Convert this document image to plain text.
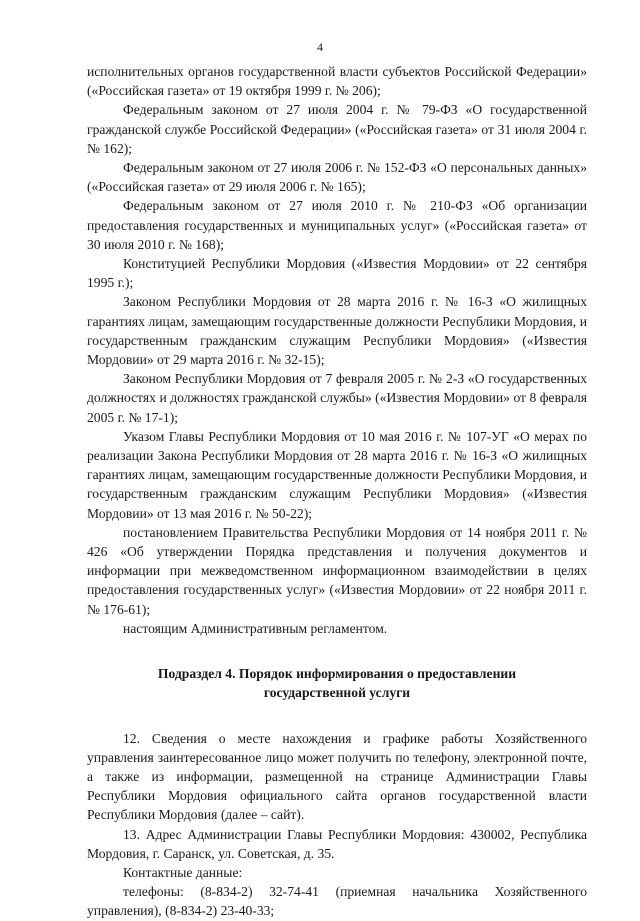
4

исполнительных органов государственной власти субъектов Российской Федерации» («Российская газета» от 19 октября 1999 г. № 206);

Федеральным законом от 27 июля 2004 г. № 79-ФЗ «О государственной гражданской службе Российской Федерации» («Российская газета» от 31 июля 2004 г. № 162);

Федеральным законом от 27 июля 2006 г. № 152-ФЗ «О персональных данных» («Российская газета» от 29 июля 2006 г. № 165);

Федеральным законом от 27 июля 2010 г. № 210-ФЗ «Об организации предоставления государственных и муниципальных услуг» («Российская газета» от 30 июля 2010 г. № 168);

Конституцией Республики Мордовия («Известия Мордовии» от 22 сентября 1995 г.);

Законом Республики Мордовия от 28 марта 2016 г. № 16-З «О жилищных гарантиях лицам, замещающим государственные должности Республики Мордовия, и государственным гражданским служащим Республики Мордовия» («Известия Мордовии» от 29 марта 2016 г. № 32-15);

Законом Республики Мордовия от 7 февраля 2005 г. № 2-З «О государственных должностях и должностях гражданской службы» («Известия Мордовии» от 8 февраля 2005 г. № 17-1);

Указом Главы Республики Мордовия от 10 мая 2016 г. № 107-УГ «О мерах по реализации Закона Республики Мордовия от 28 марта 2016 г. № 16-З «О жилищных гарантиях лицам, замещающим государственные должности Республики Мордовия, и государственным гражданским служащим Республики Мордовия» («Известия Мордовии» от 13 мая 2016 г. № 50-22);

постановлением Правительства Республики Мордовия от 14 ноября 2011 г. № 426 «Об утверждении Порядка представления и получения документов и информации при межведомственном информационном взаимодействии в целях предоставления государственных услуг» («Известия Мордовии» от 22 ноября 2011 г. № 176-61);

настоящим Административным регламентом.

Подраздел 4. Порядок информирования о предоставлении
государственной услуги

12. Сведения о месте нахождения и графике работы Хозяйственного управления заинтересованное лицо может получить по телефону, электронной почте, а также из информации, размещенной на странице Администрации Главы Республики Мордовия официального сайта органов государственной власти Республики Мордовия (далее – сайт).

13. Адрес Администрации Главы Республики Мордовия: 430002, Республика Мордовия, г. Саранск, ул. Советская, д. 35.

Контактные данные:

телефоны: (8-834-2) 32-74-41 (приемная начальника Хозяйственного управления), (8-834-2) 23-40-33;
